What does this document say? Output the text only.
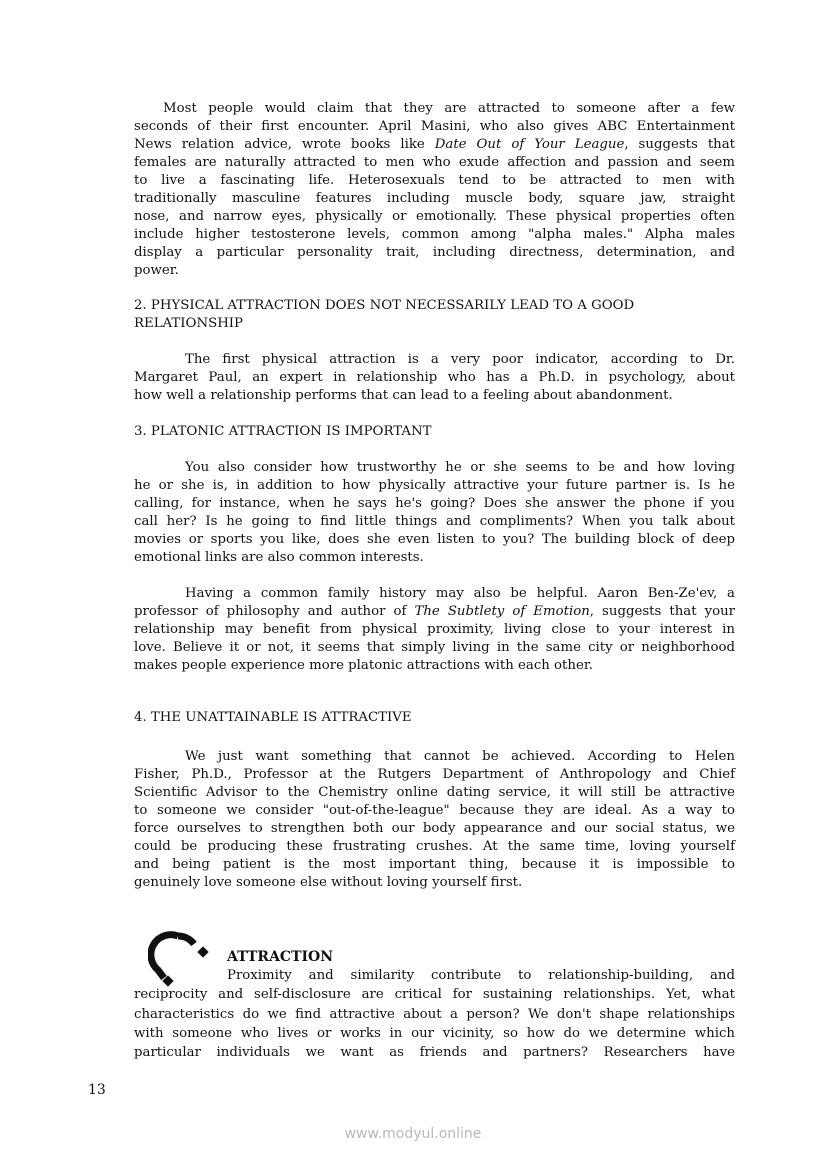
Most people would claim that they are attracted to someone after a few
seconds of their first encounter. April Masini, who also gives ABC Entertainment
News relation advice, wrote books like Date Out of Your League, suggests that
females are naturally attracted to men who exude affection and passion and seem
to live a fascinating life. Heterosexuals tend to be attracted to men with
traditionally masculine features including muscle body, square jaw, straight
nose, and narrow eyes, physically or emotionally. These physical properties often
include higher testosterone levels, common among "alpha males." Alpha males
display a particular personality trait, including directness, determination, and
power.
2. PHYSICAL ATTRACTION DOES NOT NECESSARILY LEAD TO A GOOD
RELATIONSHIP
The first physical attraction is a very poor indicator, according to Dr.
Margaret Paul, an expert in relationship who has a Ph.D. in psychology, about
how well a relationship performs that can lead to a feeling about abandonment.
3. PLATONIC ATTRACTION IS IMPORTANT
You also consider how trustworthy he or she seems to be and how loving
he or she is, in addition to how physically attractive your future partner is. Is he
calling, for instance, when he says he's going? Does she answer the phone if you
call her? Is he going to find little things and compliments? When you talk about
movies or sports you like, does she even listen to you? The building block of deep
emotional links are also common interests.
Having a common family history may also be helpful. Aaron Ben-Ze'ev, a
professor of philosophy and author of The Subtlety of Emotion, suggests that your
relationship may benefit from physical proximity, living close to your interest in
love. Believe it or not, it seems that simply living in the same city or neighborhood
makes people experience more platonic attractions with each other.
4. THE UNATTAINABLE IS ATTRACTIVE
We just want something that cannot be achieved. According to Helen
Fisher, Ph.D., Professor at the Rutgers Department of Anthropology and Chief
Scientific Advisor to the Chemistry online dating service, it will still be attractive
to someone we consider "out-of-the-league" because they are ideal. As a way to
force ourselves to strengthen both our body appearance and our social status, we
could be producing these frustrating crushes. At the same time, loving yourself
and being patient is the most important thing, because it is impossible to
genuinely love someone else without loving yourself first.
ATTRACTION
Proximity and similarity contribute to relationship-building, and
reciprocity and self-disclosure are critical for sustaining relationships. Yet, what
characteristics do we find attractive about a person? We don't shape relationships
with someone who lives or works in our vicinity, so how do we determine which
particular individuals we want as friends and partners? Researchers have
13
www.modyul.online
